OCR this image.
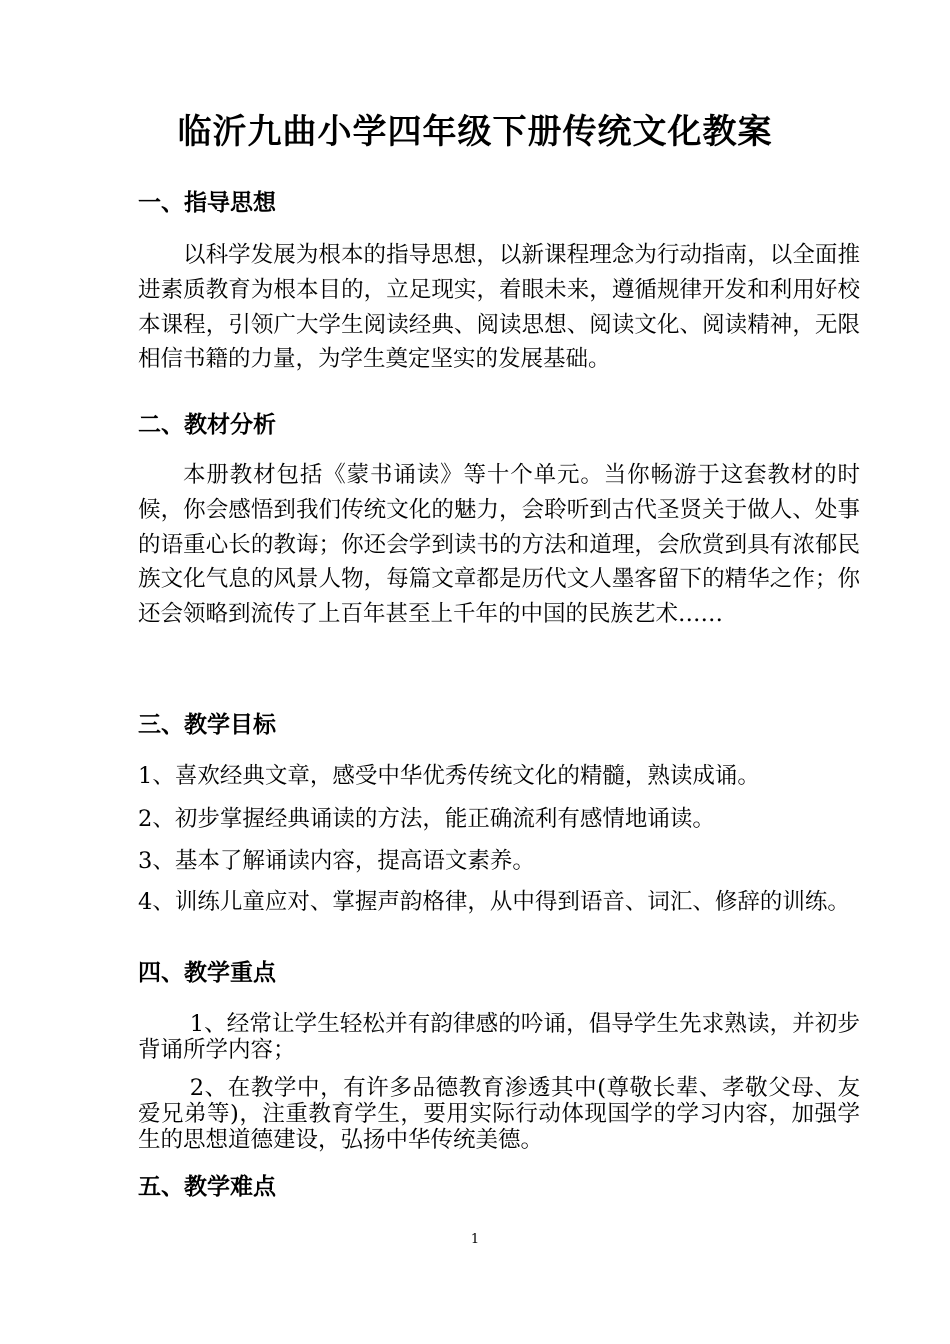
临沂九曲小学四年级下册传统文化教案
一、指导思想
以科学发展为根本的指导思想，以新课程理念为行动指南，以全面推进素质教育为根本目的，立足现实，着眼未来，遵循规律开发和利用好校本课程，引领广大学生阅读经典、阅读思想、阅读文化、阅读精神，无限相信书籍的力量，为学生奠定坚实的发展基础。
二、教材分析
本册教材包括《蒙书诵读》等十个单元。当你畅游于这套教材的时候，你会感悟到我们传统文化的魅力，会聆听到古代圣贤关于做人、处事的语重心长的教诲；你还会学到读书的方法和道理，会欣赏到具有浓郁民族文化气息的风景人物，每篇文章都是历代文人墨客留下的精华之作；你还会领略到流传了上百年甚至上千年的中国的民族艺术……
三、教学目标
1、喜欢经典文章，感受中华优秀传统文化的精髓，熟读成诵。
2、初步掌握经典诵读的方法，能正确流利有感情地诵读。
3、基本了解诵读内容，提高语文素养。
4、训练儿童应对、掌握声韵格律，从中得到语音、词汇、修辞的训练。
四、教学重点
1、经常让学生轻松并有韵律感的吟诵，倡导学生先求熟读，并初步背诵所学内容；
2、在教学中，有许多品德教育渗透其中(尊敬长辈、孝敬父母、友爱兄弟等)，注重教育学生，要用实际行动体现国学的学习内容，加强学生的思想道德建设，弘扬中华传统美德。
五、教学难点
1
